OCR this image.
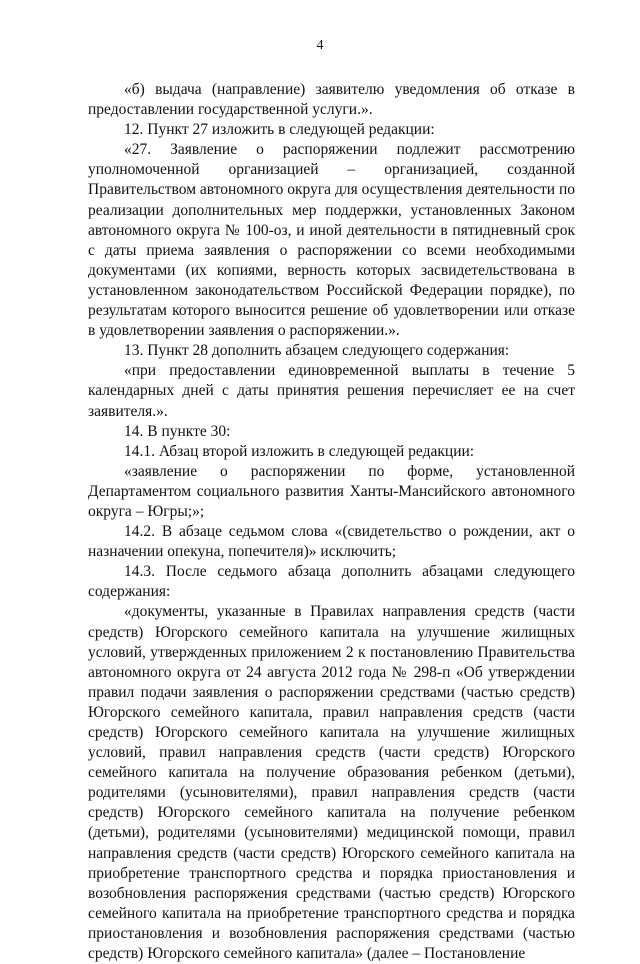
4

«б) выдача (направление) заявителю уведомления об отказе в предоставлении государственной услуги.».

12. Пункт 27 изложить в следующей редакции:

«27. Заявление о распоряжении подлежит рассмотрению уполномоченной организацией – организацией, созданной Правительством автономного округа для осуществления деятельности по реализации дополнительных мер поддержки, установленных Законом автономного округа № 100-оз, и иной деятельности в пятидневный срок с даты приема заявления о распоряжении со всеми необходимыми документами (их копиями, верность которых засвидетельствована в установленном законодательством Российской Федерации порядке), по результатам которого выносится решение об удовлетворении или отказе в удовлетворении заявления о распоряжении.».

13. Пункт 28 дополнить абзацем следующего содержания:

«при предоставлении единовременной выплаты в течение 5 календарных дней с даты принятия решения перечисляет ее на счет заявителя.».

14. В пункте 30:

14.1. Абзац второй изложить в следующей редакции:

«заявление о распоряжении по форме, установленной Департаментом социального развития Ханты-Мансийского автономного округа – Югры;»;

14.2. В абзаце седьмом слова «(свидетельство о рождении, акт о назначении опекуна, попечителя)» исключить;

14.3. После седьмого абзаца дополнить абзацами следующего содержания:

«документы, указанные в Правилах направления средств (части средств) Югорского семейного капитала на улучшение жилищных условий, утвержденных приложением 2 к постановлению Правительства автономного округа от 24 августа 2012 года № 298-п «Об утверждении правил подачи заявления о распоряжении средствами (частью средств) Югорского семейного капитала, правил направления средств (части средств) Югорского семейного капитала на улучшение жилищных условий, правил направления средств (части средств) Югорского семейного капитала на получение образования ребенком (детьми), родителями (усыновителями), правил направления средств (части средств) Югорского семейного капитала на получение ребенком (детьми), родителями (усыновителями) медицинской помощи, правил направления средств (части средств) Югорского семейного капитала на приобретение транспортного средства и порядка приостановления и возобновления распоряжения средствами (частью средств) Югорского семейного капитала на приобретение транспортного средства и порядка приостановления и возобновления распоряжения средствами (частью средств) Югорского семейного капитала» (далее – Постановление
